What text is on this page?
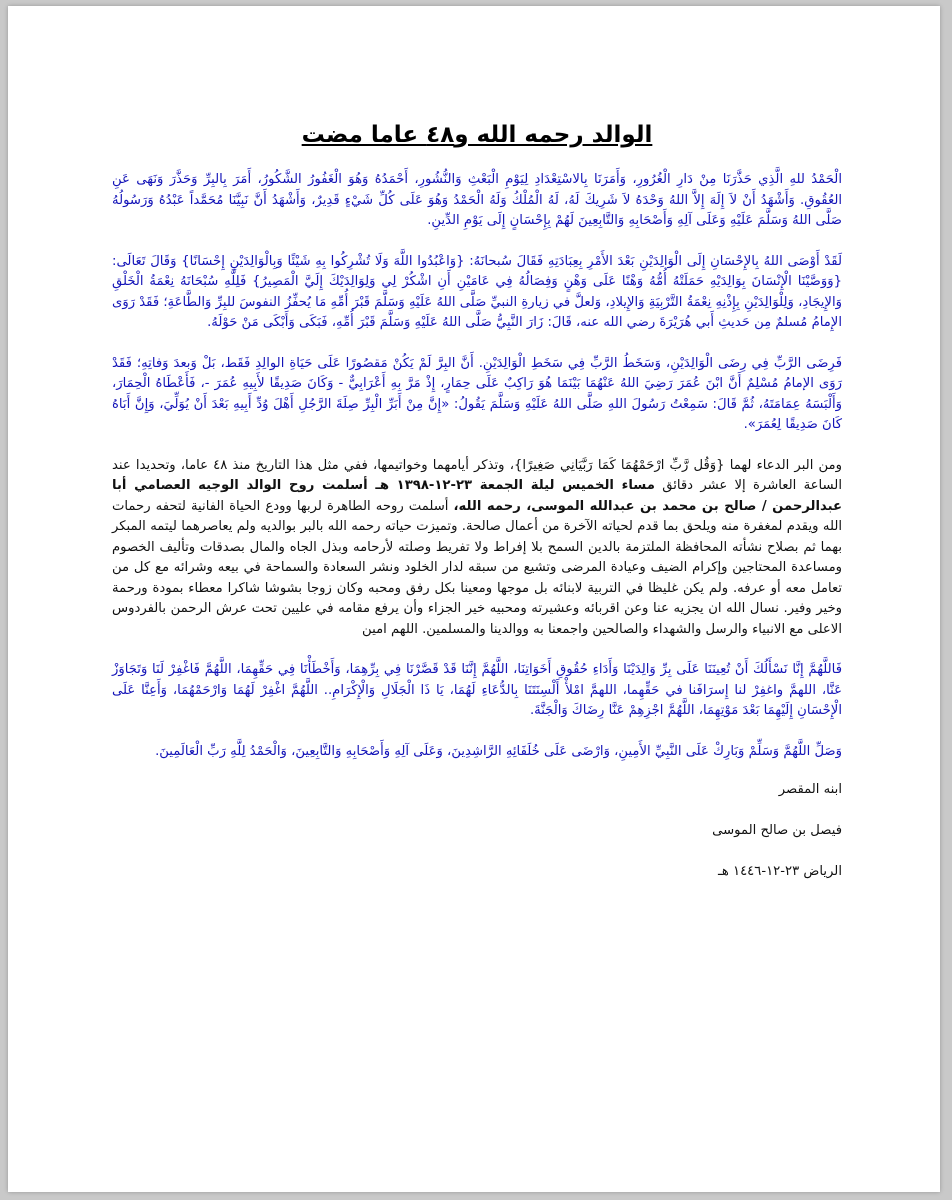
الوالد رحمه الله و٤٨ عاما مضت

الْحَمْدُ للهِ الَّذِي حَذَّرَنَا مِنْ دَارِ الْغُرُورِ، وَأَمَرَنَا بِالاسْتِعْدَادِ لِيَوْمِ الْبَعْثِ وَالنُّشُورِ، أَحْمَدُهُ وَهُوَ الْغَفُورُ الشَّكُورُ، أَمَرَ بِالبِرِّ وَحَذَّرَ وَنَهَى عَنِ العُقُوقِ. وَأَشْهَدُ أَنْ لاَ إِلَهَ إِلاَّ اللهُ وَحْدَهُ لاَ شَرِيكَ لَهُ، لَهُ الْمُلْكُ وَلَهُ الْحَمْدُ وَهُوَ عَلَى كُلِّ شَيْءٍ قَدِيرٌ، وَأَشْهَدُ أَنَّ نَبِيَّنَا مُحَمَّداً عَبْدُهُ وَرَسُولُهُ صَلَّى اللهُ وَسَلَّمَ عَلَيْهِ وَعَلَى آلِهِ وَأَصْحَابِهِ وَالتَّابِعِينَ لَهُمْ بِإِحْسَانٍ إِلَى يَوْمِ الدِّينِ.

لَقَدْ أَوْصَى اللهُ بِالإِحْسَانِ إِلَى الْوَالِدَيْنِ بَعْدَ الأَمْرِ بِعِبَادَتِهِ فَقَالَ سُبحانَهُ: {وَاعْبُدُوا اللَّهَ وَلَا تُشْرِكُوا بِهِ شَيْئًا وَبِالْوَالِدَيْنِ إِحْسَانًا} وَقَالَ تَعَالَى: {وَوَصَّيْنَا الْإِنْسَانَ بِوَالِدَيْهِ حَمَلَتْهُ أُمُّهُ وَهْنًا عَلَى وَهْنٍ وَفِصَالُهُ فِي عَامَيْنِ أَنِ اشْكُرْ لِي وَلِوَالِدَيْكَ إِلَيَّ الْمَصِيرُ} فَلِلَّهِ سُبْحَانَهُ نِعْمَةُ الْخَلْقِ وَالإِيجَادِ، وَلِلْوَالِدَيْنِ بِإِذْنِهِ نِعْمَةُ التَّرْبِيَةِ وَالإِيلادِ، وَلعلَّ في زيارةِ النبيِّ صَلَّى اللهُ عَلَيْهِ وَسَلَّمَ قَبْرَ أُمِّهِ مَا يُحفِّزُ النفوسَ للبِرِّ وَالطَّاعَةِ؛ فَقَدْ رَوَى الإِمامُ مُسلمٌ مِن حَديثِ أَبي هُرَيْرَةَ رضي الله عنه، قَالَ: زَارَ النَّبِيُّ صَلَّى اللهُ عَلَيْهِ وَسَلَّمَ قَبْرَ أُمِّهِ، فَبَكَى وَأَبْكَى مَنْ حَوْلَهُ.

فَرِضَى الرَّبِّ فِي رِضَى الْوَالِدَيْنِ، وَسَخَطُ الرَّبِّ فِي سَخَطِ الْوَالِدَيْنِ. أَنَّ البِرَّ لَمْ يَكُنْ مَقصُورًا عَلَى حَيَاةِ الوالِدِ فَقَط، بَلْ وَبعدَ وَفاتِهِ؛ فَقَدْ رَوَى الإمامُ مُسْلِمٌ أَنَّ ابْنَ عُمَرَ رَضِيَ اللهُ عَنْهُمَا بَيْنَمَا هُوَ رَاكِبٌ عَلَى حِمَارٍ، إِذْ مَرَّ بِهِ أَعْرَابِيٌّ - وَكَانَ صَدِيقًا لأَبِيهِ عُمَرَ -، فَأَعْطَاهُ الْحِمَارَ، وَأَلْبَسَهُ عِمَامَتَهُ، ثُمَّ قَالَ: سَمِعْتُ رَسُولَ اللهِ صَلَّى اللهُ عَلَيْهِ وَسَلَّمَ يَقُولُ: «إِنَّ مِنْ أَبَرِّ الْبِرِّ صِلَةَ الرَّجُلِ أَهْلَ وُدِّ أَبِيهِ بَعْدَ أَنْ يُوَلِّيَ، وَإِنَّ أَبَاهُ كَانَ صَدِيقًا لِعُمَرَ».

ومن البر الدعاء لهما {وَقُل رَّبِّ ارْحَمْهُمَا كَمَا رَبَّيَانِي صَغِيرًا}، وتذكر أيامهما وخواتيمها، ففي مثل هذا التاريخ منذ ٤٨ عاما، وتحديدا عند الساعة العاشرة إلا عشر دقائق مساء الخميس ليلة الجمعة ٢٣-١٢-١٣٩٨ هـ أسلمت روح الوالد الوجيه العصامي أبا عبدالرحمن / صالح بن محمد بن عبدالله الموسى، رحمه الله، أسلمت روحه الطاهرة لربها وودع الحياة الفانية لتحفه رحمات الله ويقدم لمغفرة منه ويلحق بما قدم لحياته الآخرة من أعمال صالحة. وتميزت حياته رحمه الله بالبر بوالديه ولم يعاصرهما ليتمه المبكر بهما ثم بصلاح نشأته المحافظة الملتزمة بالدين السمح بلا إفراط ولا تفريط وصلته لأرحامه وبذل الجاه والمال بصدقات وتأليف الخصوم ومساعدة المحتاجين وإكرام الضيف وعيادة المرضى وتشيع من سبقه لدار الخلود ونشر السعادة والسماحة في بيعه وشرائه مع كل من تعامل معه أو عرفه. ولم يكن غليظا في التربية لابنائه بل موجها ومعينا بكل رفق ومحبه وكان زوجا بشوشا شاكرا معطاء بمودة ورحمة وخير وفير. نسال الله ان يجزيه عنا وعن اقربائه وعشيرته ومحبيه خير الجزاء وأن يرفع مقامه في عليين تحت عرش الرحمن بالفردوس الاعلى مع الانبياء والرسل والشهداء والصالحين واجمعنا به ووالدينا والمسلمين. اللهم امين

فَاللَّهُمَّ إِنَّا نَسْأَلُكَ أَنْ تُعِينَنَا عَلَى بِرِّ وَالِدَيْنَا وَأَدَاءِ حُقُوقِ أَخَوَاتِنَا، اللَّهُمَّ إِنَّنَا قَدْ قَصَّرْنَا فِي بِرِّهِمَا، وَأَخْطَأْنَا فِي حَقِّهِمَا، اللَّهُمَّ فَاغْفِرْ لَنَا وَتَجَاوَزْ عَنَّا، اللهمَّ واغفِرْ لنا إِسرَافَنا في حَقِّهِما، اللهمَّ امْلأْ أَلْسِنَتَنَا بِالدُّعَاءِ لَهُمَا، يَا ذَا الْجَلَالِ وَالْإِكْرَامِ.. اللَّهُمَّ اغْفِرْ لَهُمَا وَارْحَمْهُمَا، وَأَعِنَّا عَلَى الْإِحْسَانِ إِلَيْهِمَا بَعْدَ مَوْتِهِمَا، اللَّهُمَّ اجْزِهِمْ عَنَّا رِضَاكَ وَالْجَنَّةَ.

وَصَلِّ اللَّهُمَّ وَسَلِّمْ وَبَارِكْ عَلَى النَّبِيِّ الأَمِينِ، وَارْضَى عَلَى خُلَفَائِهِ الرَّاشِدِينَ، وَعَلَى آلِهِ وَأَصْحَابِهِ وَالتَّابِعِينَ، وَالْحَمْدُ لِلَّهِ رَبِّ الْعَالَمِينَ.

ابنه المقصر
فيصل بن صالح الموسى
الرياض ٢٣-١٢-١٤٤٦ هـ
